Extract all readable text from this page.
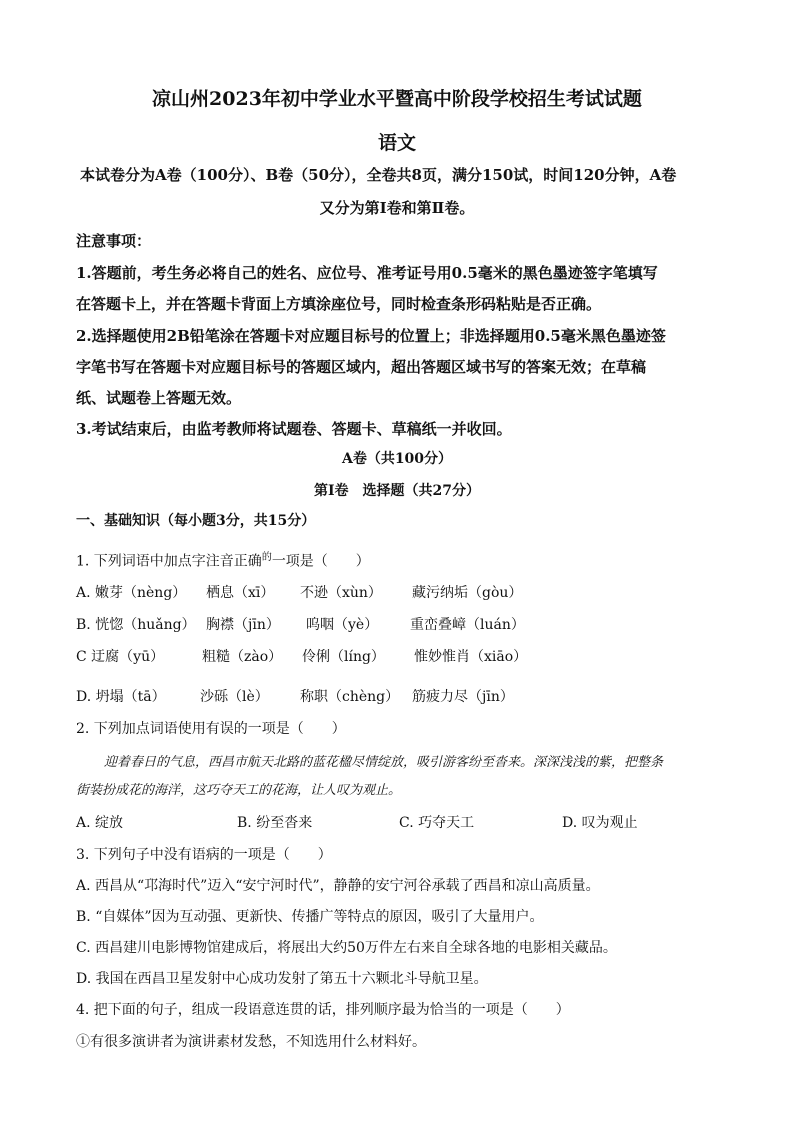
凉山州2023年初中学业水平暨高中阶段学校招生考试试题
语文
本试卷分为A卷（100分）、B卷（50分），全卷共8页，满分150试，时间120分钟，A卷
又分为第Ⅰ卷和第Ⅱ卷。
注意事项：
1.答题前，考生务必将自己的姓名、应位号、准考证号用0.5毫米的黑色墨迹签字笔填写
在答题卡上，并在答题卡背面上方填涂座位号，同时检查条形码粘贴是否正确。
2.选择题使用2B铅笔涂在答题卡对应题目标号的位置上；非选择题用0.5毫米黑色墨迹签
字笔书写在答题卡对应题目标号的答题区域内，超出答题区域书写的答案无效；在草稿
纸、试题卷上答题无效。
3.考试结束后，由监考教师将试题卷、答题卡、草稿纸一并收回。
A卷（共100分）
第Ⅰ卷　选择题（共27分）
一、基础知识（每小题3分，共15分）
1. 下列词语中加点字注音正确$^的$一项是（　　）
A. 嫩芽（nèng） 栖息（xī） 不逊（xùn） 藏污纳垢（gòu）
B. 恍惚（huǎng） 胸襟（jīn） 呜咽（yè） 重峦叠嶂（luán）
C 迂腐（yū）	粗糙（zào） 伶俐（líng） 惟妙惟肖（xiāo）
D. 坍塌（tā） 沙砾（lè） 称职（chèng） 筋疲力尽（jīn）
2. 下列加点词语使用有误的一项是（　　）
迎着春日的气息，西昌市航天北路的蓝花楹尽情绽放，吸引游客纷至沓来。深深浅浅的紫，把整条
街装扮成花的海洋，这巧夺天工的花海，让人叹为观止。
A. 绽放	B. 纷至沓来	C. 巧夺天工	D. 叹为观止
3. 下列句子中没有语病的一项是（　　）
A. 西昌从“邛海时代”迈入“安宁河时代”，静静的安宁河谷承载了西昌和凉山高质量。
B. “自媒体”因为互动强、更新快、传播广等特点的原因，吸引了大量用户。
C. 西昌建川电影博物馆建成后，将展出大约50万件左右来自全球各地的电影相关藏品。
D. 我国在西昌卫星发射中心成功发射了第五十六颗北斗导航卫星。
4. 把下面的句子，组成一段语意连贯的话，排列顺序最为恰当的一项是（　　）
①有很多演讲者为演讲素材发愁，不知选用什么材料好。
